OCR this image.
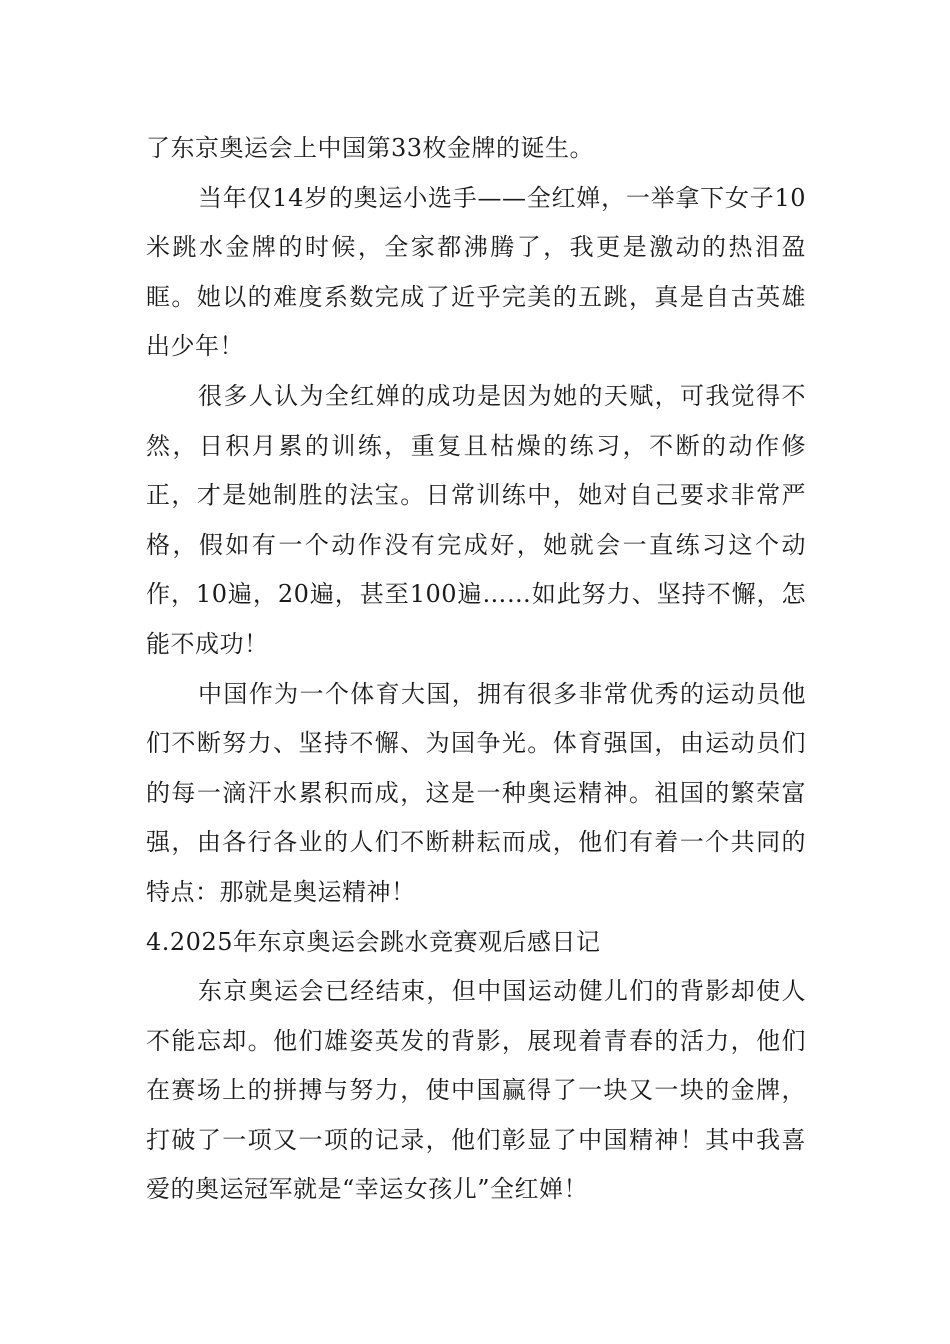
了东京奥运会上中国第33枚金牌的诞生。

当年仅14岁的奥运小选手——全红婵，一举拿下女子10米跳水金牌的时候，全家都沸腾了，我更是激动的热泪盈眶。她以的难度系数完成了近乎完美的五跳，真是自古英雄出少年！

很多人认为全红婵的成功是因为她的天赋，可我觉得不然，日积月累的训练，重复且枯燥的练习，不断的动作修正，才是她制胜的法宝。日常训练中，她对自己要求非常严格，假如有一个动作没有完成好，她就会一直练习这个动作，10遍，20遍，甚至100遍……如此努力、坚持不懈，怎能不成功！

中国作为一个体育大国，拥有很多非常优秀的运动员他们不断努力、坚持不懈、为国争光。体育强国，由运动员们的每一滴汗水累积而成，这是一种奥运精神。祖国的繁荣富强，由各行各业的人们不断耕耘而成，他们有着一个共同的特点：那就是奥运精神！

4.2025年东京奥运会跳水竞赛观后感日记

东京奥运会已经结束，但中国运动健儿们的背影却使人不能忘却。他们雄姿英发的背影，展现着青春的活力，他们在赛场上的拼搏与努力，使中国赢得了一块又一块的金牌，打破了一项又一项的记录，他们彰显了中国精神！其中我喜爱的奥运冠军就是“幸运女孩儿”全红婵！
